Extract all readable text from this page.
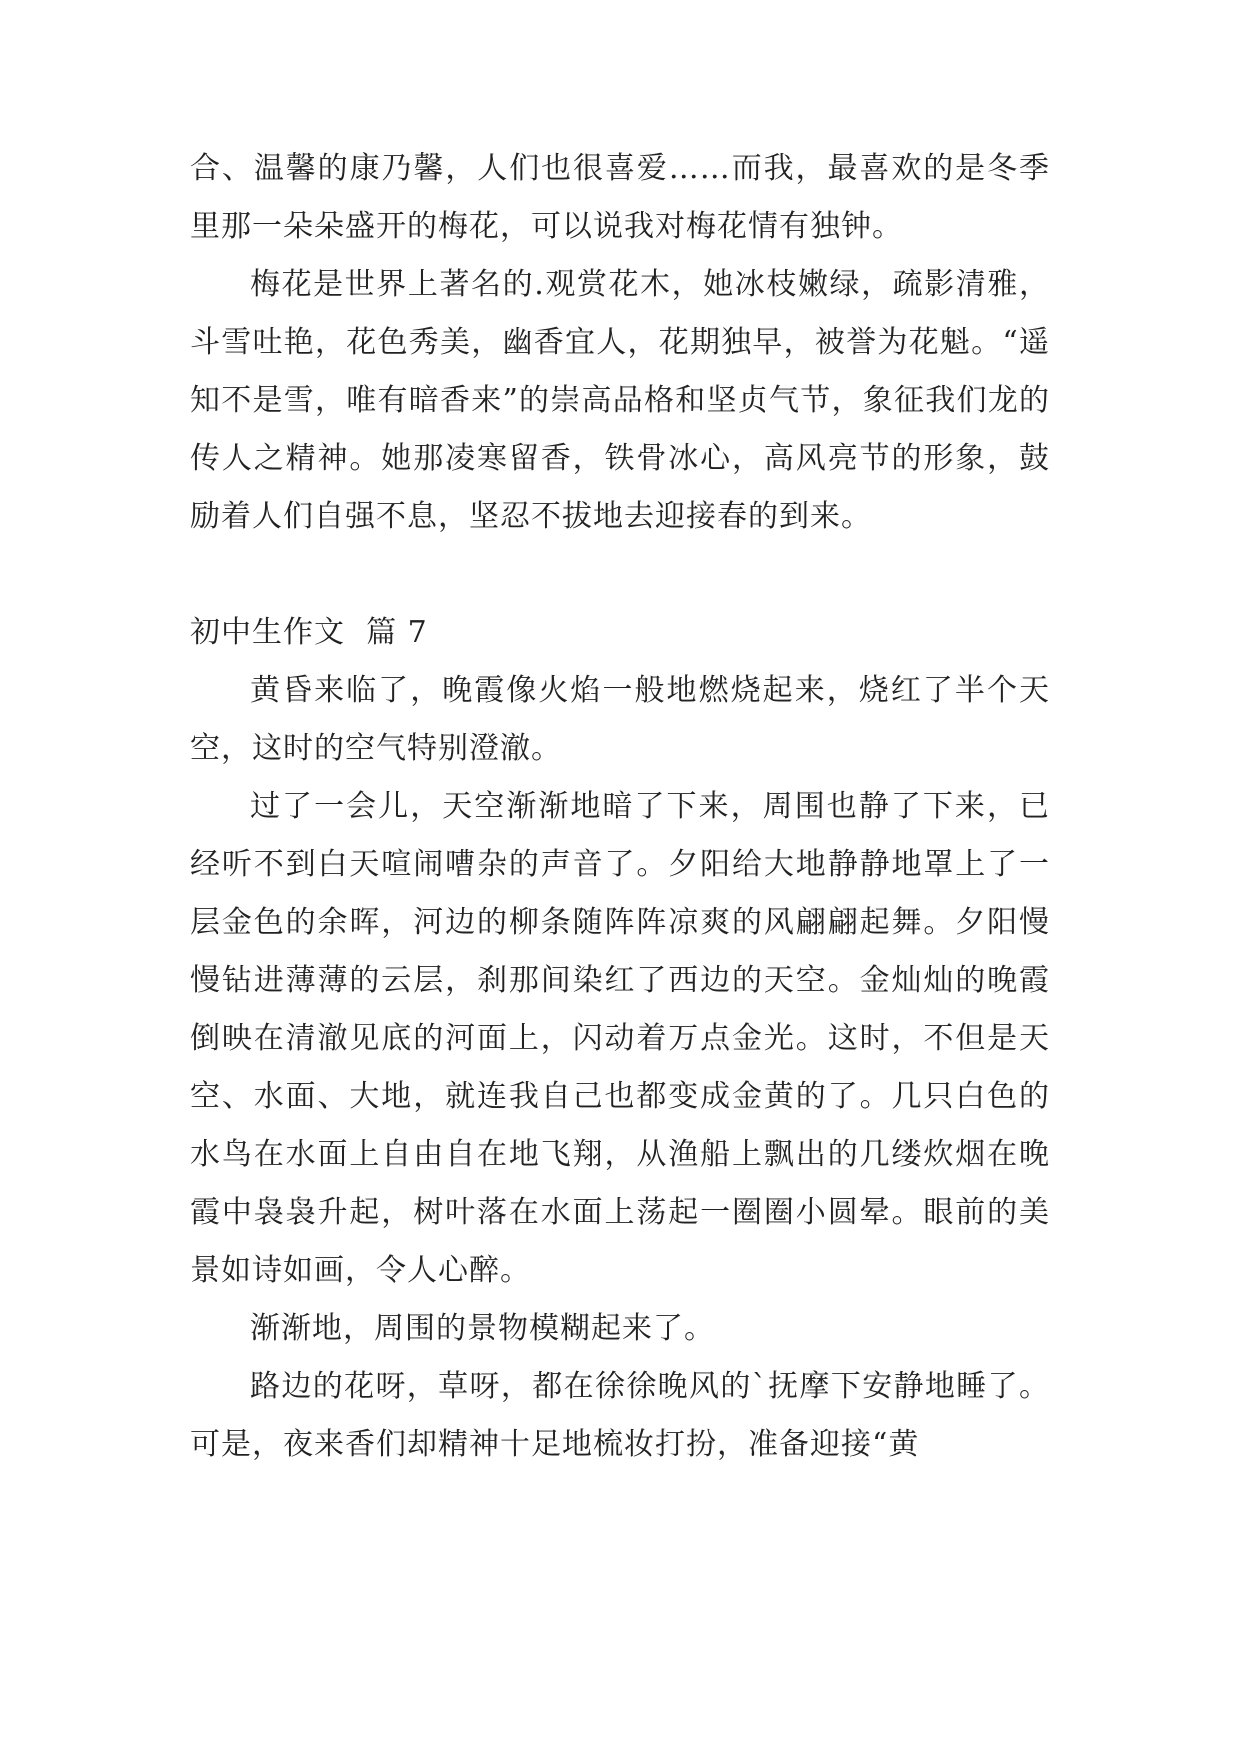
合、温馨的康乃馨，人们也很喜爱……而我，最喜欢的是冬季里那一朵朵盛开的梅花，可以说我对梅花情有独钟。

梅花是世界上著名的.观赏花木，她冰枝嫩绿，疏影清雅，斗雪吐艳，花色秀美，幽香宜人，花期独早，被誉为花魁。“遥知不是雪，唯有暗香来”的崇高品格和坚贞气节，象征我们龙的传人之精神。她那凌寒留香，铁骨冰心，高风亮节的形象，鼓励着人们自强不息，坚忍不拔地去迎接春的到来。

初中生作文  篇 7

黄昏来临了，晚霞像火焰一般地燃烧起来，烧红了半个天空，这时的空气特别澄澈。

过了一会儿，天空渐渐地暗了下来，周围也静了下来，已经听不到白天喧闹嘈杂的声音了。夕阳给大地静静地罩上了一层金色的余晖，河边的柳条随阵阵凉爽的风翩翩起舞。夕阳慢慢钻进薄薄的云层，刹那间染红了西边的天空。金灿灿的晚霞倒映在清澈见底的河面上，闪动着万点金光。这时，不但是天空、水面、大地，就连我自己也都变成金黄的了。几只白色的水鸟在水面上自由自在地飞翔，从渔船上飘出的几缕炊烟在晚霞中袅袅升起，树叶落在水面上荡起一圈圈小圆晕。眼前的美景如诗如画，令人心醉。

渐渐地，周围的景物模糊起来了。

路边的花呀，草呀，都在徐徐晚风的`抚摩下安静地睡了。可是，夜来香们却精神十足地梳妆打扮，准备迎接“黄
